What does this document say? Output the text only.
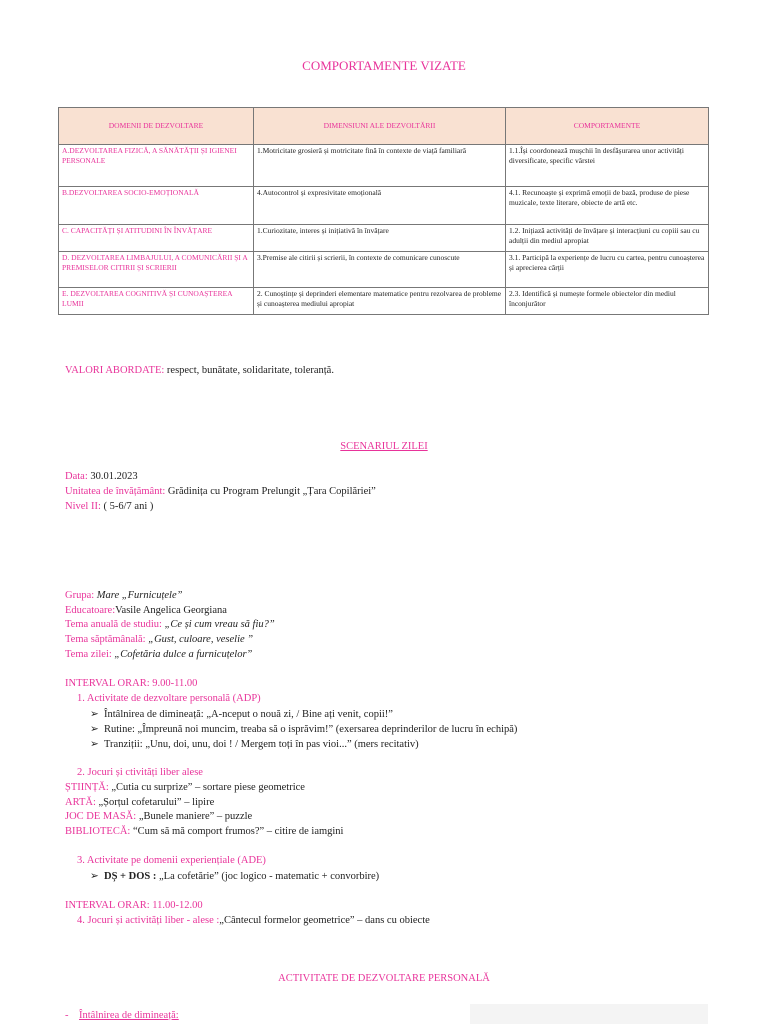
COMPORTAMENTE VIZATE
DOMENII DE DEZVOLTARE	DIMENSIUNI ALE DEZVOLTĂRII	COMPORTAMENTE
A.DEZVOLTAREA FIZICĂ, A SĂNĂTĂȚII ȘI IGIENEI PERSONALE	1.Motricitate grosieră și motricitate fină în contexte de viață familiară	1.1.Își coordonează mușchii în desfășurarea unor activități diversificate, specific vârstei
B.DEZVOLTAREA SOCIO-EMOȚIONALĂ	4.Autocontrol și expresivitate emoțională	4.1. Recunoaște și exprimă emoții de bază, produse de piese muzicale, texte literare, obiecte de artă etc.
C. CAPACITĂȚI ȘI ATITUDINI ÎN ÎNVĂȚARE	1.Curiozitate, interes și inițiativă în învățare	1.2. Inițiază activități de învățare și interacțiuni cu copiii sau cu adulții din mediul apropiat
D. DEZVOLTAREA LIMBAJULUI, A COMUNICĂRII ȘI A PREMISELOR CITIRII ȘI SCRIERII	3.Premise ale citirii și scrierii, în contexte de comunicare cunoscute	3.1. Participă la experiențe de lucru cu cartea, pentru cunoașterea și aprecierea cărții
E. DEZVOLTAREA COGNITIVĂ ȘI CUNOAȘTEREA LUMII	2. Cunoștințe și deprinderi elementare matematice pentru rezolvarea de probleme și cunoașterea mediului apropiat	2.3. Identifică și numește formele obiectelor din mediul înconjurător
VALORI ABORDATE: respect, bunătate, solidaritate, toleranță.
SCENARIUL ZILEI
Data: 30.01.2023
Unitatea de învățământ: Grădinița cu Program Prelungit „Țara Copilăriei”
Nivel II: ( 5-6/7 ani )
Grupa: Mare „Furnicuțele”
Educatoare:Vasile Angelica Georgiana
Tema anuală de studiu: „Ce și cum vreau să fiu?”
Tema săptămânală: „Gust, culoare, veselie ”
Tema zilei: „Cofetăria dulce a furnicuțelor”
INTERVAL ORAR: 9.00-11.00
1. Activitate de dezvoltare personală (ADP)
➢ Întâlnirea de dimineață: „A-nceput o nouă zi, / Bine ați venit, copii!”
➢ Rutine: „Împreună noi muncim, treaba să o isprăvim!” (exersarea deprinderilor de lucru în echipă)
➢ Tranziții: „Unu, doi, unu, doi ! / Mergem toți în pas vioi...” (mers recitativ)
2. Jocuri și ctivități liber alese
ȘTIINȚĂ: „Cutia cu surprize” – sortare piese geometrice
ARTĂ: „Șorțul cofetarului” – lipire
JOC DE MASĂ: „Bunele maniere” – puzzle
BIBLIOTECĂ: “Cum să mă comport frumos?” – citire de iamgini
3. Activitate pe domenii experiențiale (ADE)
➢ DȘ + DOS : „La cofetărie” (joc logico - matematic + convorbire)
INTERVAL ORAR: 11.00-12.00
4. Jocuri și activități liber - alese :„Cântecul formelor geometrice” – dans cu obiecte
ACTIVITATE DE DEZVOLTARE PERSONALĂ
- Întâlnirea de dimineață:
